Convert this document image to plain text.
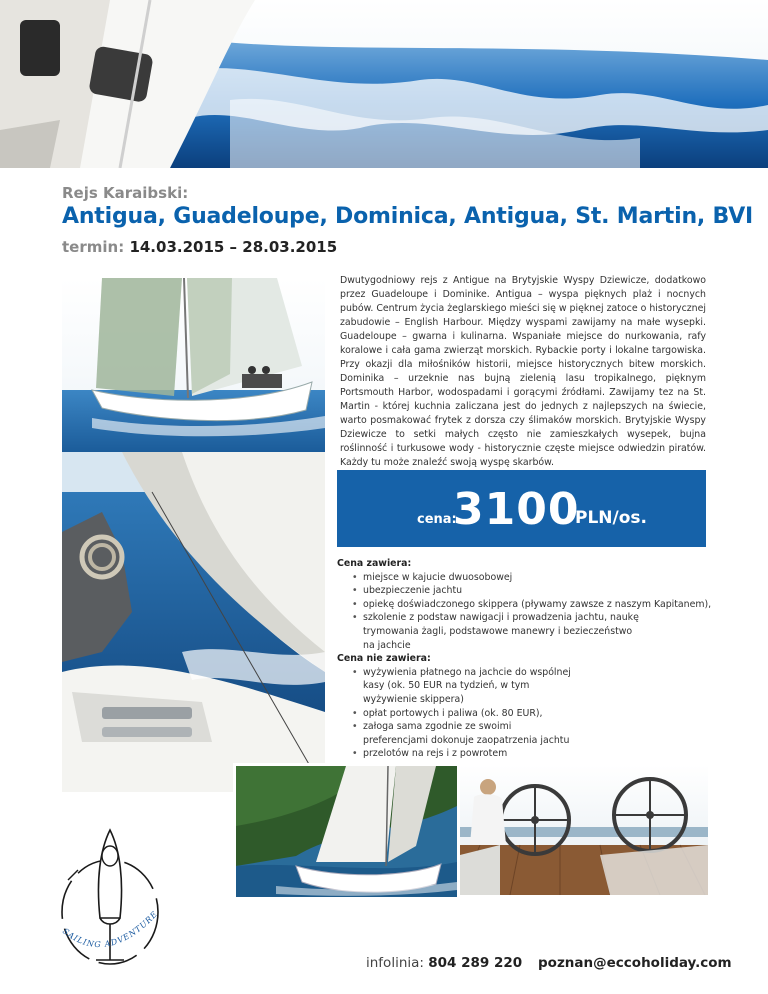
Rejs Karaibski:
Antigua, Guadeloupe, Dominica, Antigua, St. Martin, BVI
termin: 14.03.2015 – 28.03.2015
Dwutygodniowy rejs z Antigue na Brytyjskie Wyspy Dziewicze, dodatkowo przez Guadeloupe i Dominike. Antigua – wyspa pięknych plaż i nocnych pubów. Centrum życia żeglarskiego mieści się w pięknej zatoce o historycznej zabudowie – English Harbour. Między wyspami zawijamy na małe wysepki. Guadeloupe – gwarna i kulinarna. Wspaniałe miejsce do nurkowania, rafy koralowe i cała gama zwierząt morskich. Rybackie porty i lokalne targowiska. Przy okazji dla miłośników historii, miejsce historycznych bitew morskich. Dominika – urzeknie nas bujną zielenią lasu tropikalnego, pięknym Portsmouth Harbor, wodospadami i gorącymi źródłami. Zawijamy tez na St. Martin - której kuchnia zaliczana jest do jednych z najlepszych na świecie, warto posmakować frytek z dorsza czy ślimaków morskich. Brytyjskie Wyspy Dziewicze to setki małych często nie zamieszkałych wysepek, bujna roślinność i turkusowe wody - historycznie częste miejsce odwiedzin piratów. Każdy tu może znaleźć swoją wyspę skarbów.
cena:
3100
PLN/os.
Cena zawiera:
• miejsce w kajucie dwuosobowej
• ubezpieczenie jachtu
• opiekę doświadczonego skippera (pływamy zawsze z naszym Kapitanem),
• szkolenie z podstaw nawigacji i prowadzenia jachtu, naukę trymowania żagli, podstawowe manewry i bezieczeństwo na jachcie
Cena nie zawiera:
• wyżywienia płatnego na jachcie do wspólnej kasy (ok. 50 EUR na tydzień, w tym wyżywienie skippera)
• opłat portowych i paliwa (ok. 80 EUR),
• załoga sama zgodnie ze swoimi preferencjami dokonuje zaopatrzenia jachtu
• przelotów na rejs i z powrotem
SAILING ADVENTURE
infolinia: 804 289 220 poznan@eccoholiday.com
